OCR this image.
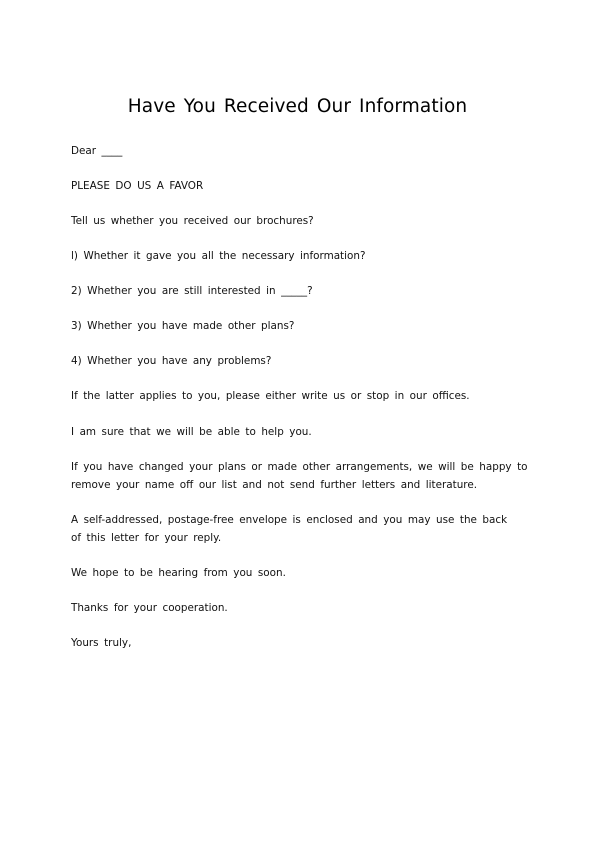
Have You Received Our Information
Dear ____
PLEASE DO US A FAVOR
Tell us whether you received our brochures?
l) Whether it gave you all the necessary information?
2) Whether you are still interested in _____?
3) Whether you have made other plans?
4) Whether you have any problems?
If the latter applies to you, please either write us or stop in our offices.
I am sure that we will be able to help you.
If you have changed your plans or made other arrangements, we will be happy to
remove your name off our list and not send further letters and literature.
A self-addressed, postage-free envelope is enclosed and you may use the back
of this letter for your reply.
We hope to be hearing from you soon.
Thanks for your cooperation.
Yours truly,
